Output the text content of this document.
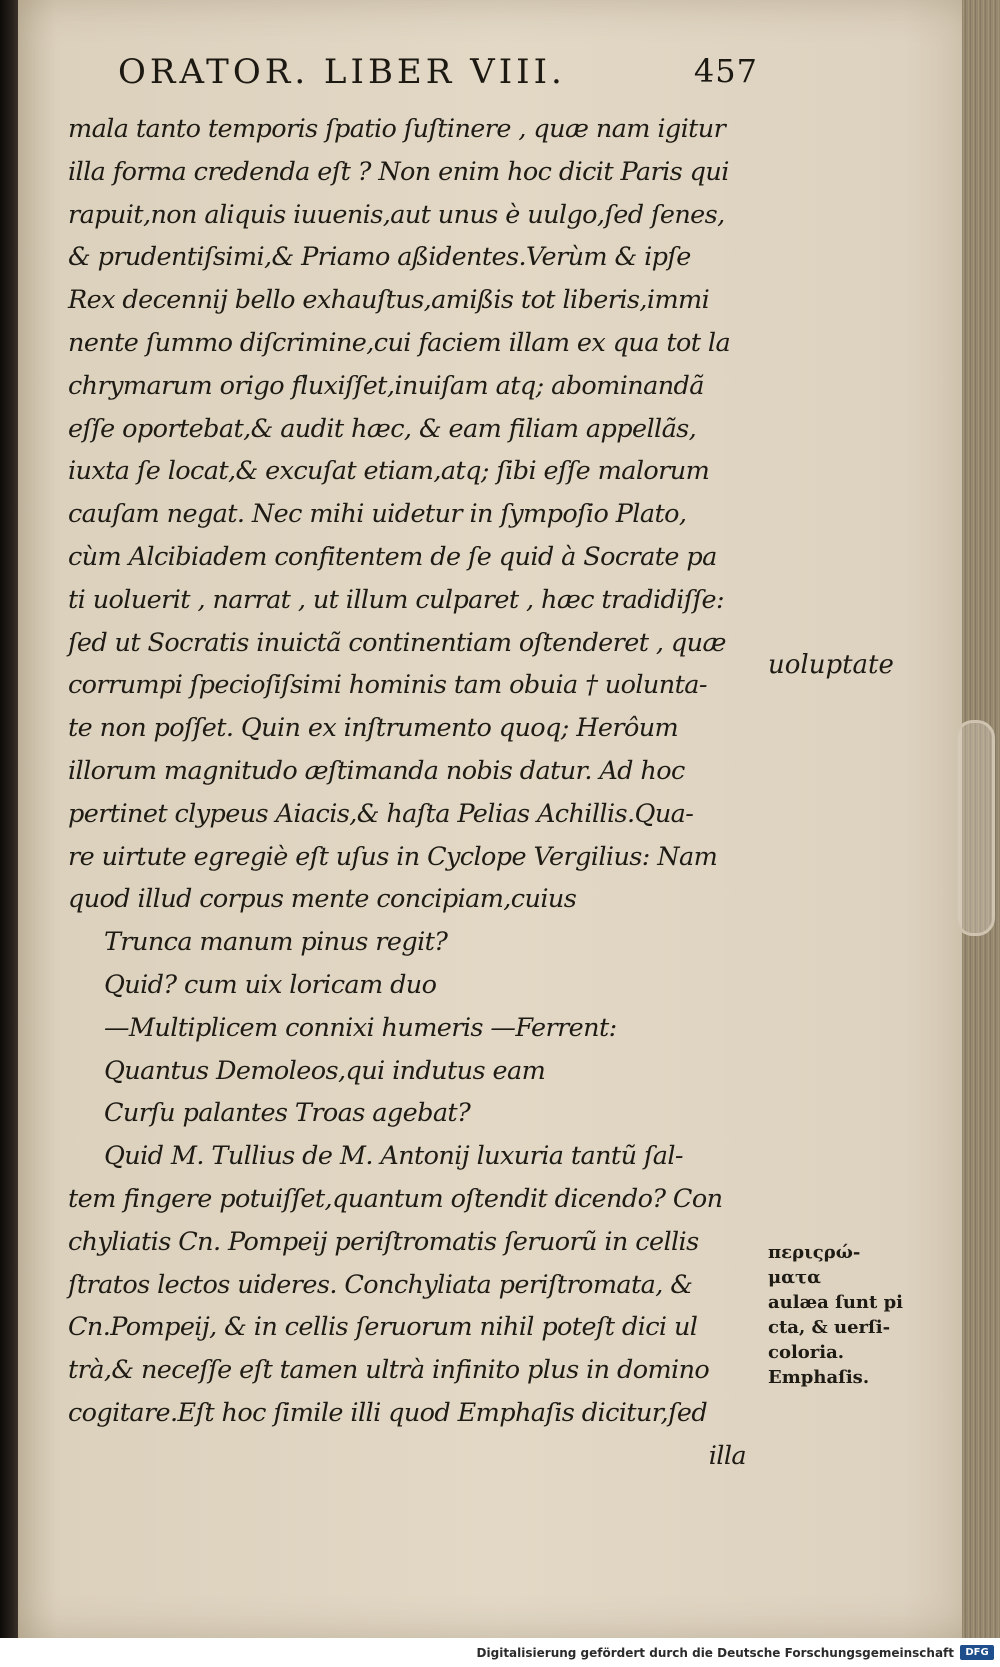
ORATOR. LIBER VIII.	457
mala tanto temporis ſpatio ſuſtinere , quæ nam igitur
illa forma credenda eſt ? Non enim hoc dicit Paris qui
rapuit,non aliquis iuuenis,aut unus è uulgo,ſed ſenes,
& prudentiſsimi,& Priamo aßidentes.Verùm & ipſe
Rex decennij bello exhauſtus,amißis tot liberis,immi
nente ſummo diſcrimine,cui faciem illam ex qua tot la
chrymarum origo fluxiſſet,inuiſam atq; abominandã
eſſe oportebat,& audit hæc, & eam filiam appellãs,
iuxta ſe locat,& excuſat etiam,atq; ſibi eſſe malorum
cauſam negat. Nec mihi uidetur in ſympoſio Plato,
cùm Alcibiadem confitentem de ſe quid à Socrate pa
ti uoluerit , narrat , ut illum culparet , hæc tradidiſſe:
ſed ut Socratis inuictã continentiam oſtenderet , quæ
corrumpi ſpecioſiſsimi hominis tam obuia † uolunta-
te non poſſet. Quin ex inſtrumento quoq; Herôum
illorum magnitudo æſtimanda nobis datur. Ad hoc
pertinet clypeus Aiacis,& haſta Pelias Achillis.Qua-
re uirtute egregiè eſt uſus in Cyclope Vergilius: Nam
quod illud corpus mente concipiam,cuius
Trunca manum pinus regit?
Quid? cum uix loricam duo
—Multiplicem connixi humeris —Ferrent:
Quantus Demoleos,qui indutus eam
Curſu palantes Troas agebat?
Quid M. Tullius de M. Antonij luxuria tantũ ſal-
tem fingere potuiſſet,quantum oſtendit dicendo? Con
chyliatis Cn. Pompeij periſtromatis ſeruorũ in cellis
ſtratos lectos uideres. Conchyliata periſtromata, &
Cn.Pompeij, & in cellis ſeruorum nihil poteſt dici ul
trà,& neceſſe eſt tamen ultrà infinito plus in domino
cogitare.Eſt hoc ſimile illi quod Emphaſis dicitur,ſed
illa
uoluptate
περιςρώ-
ματα
aulæa ſunt pi
cta, & uerſi-
coloria.
Emphaſis.
Digitalisierung gefördert durch die Deutsche Forschungsgemeinschaft	DFG
